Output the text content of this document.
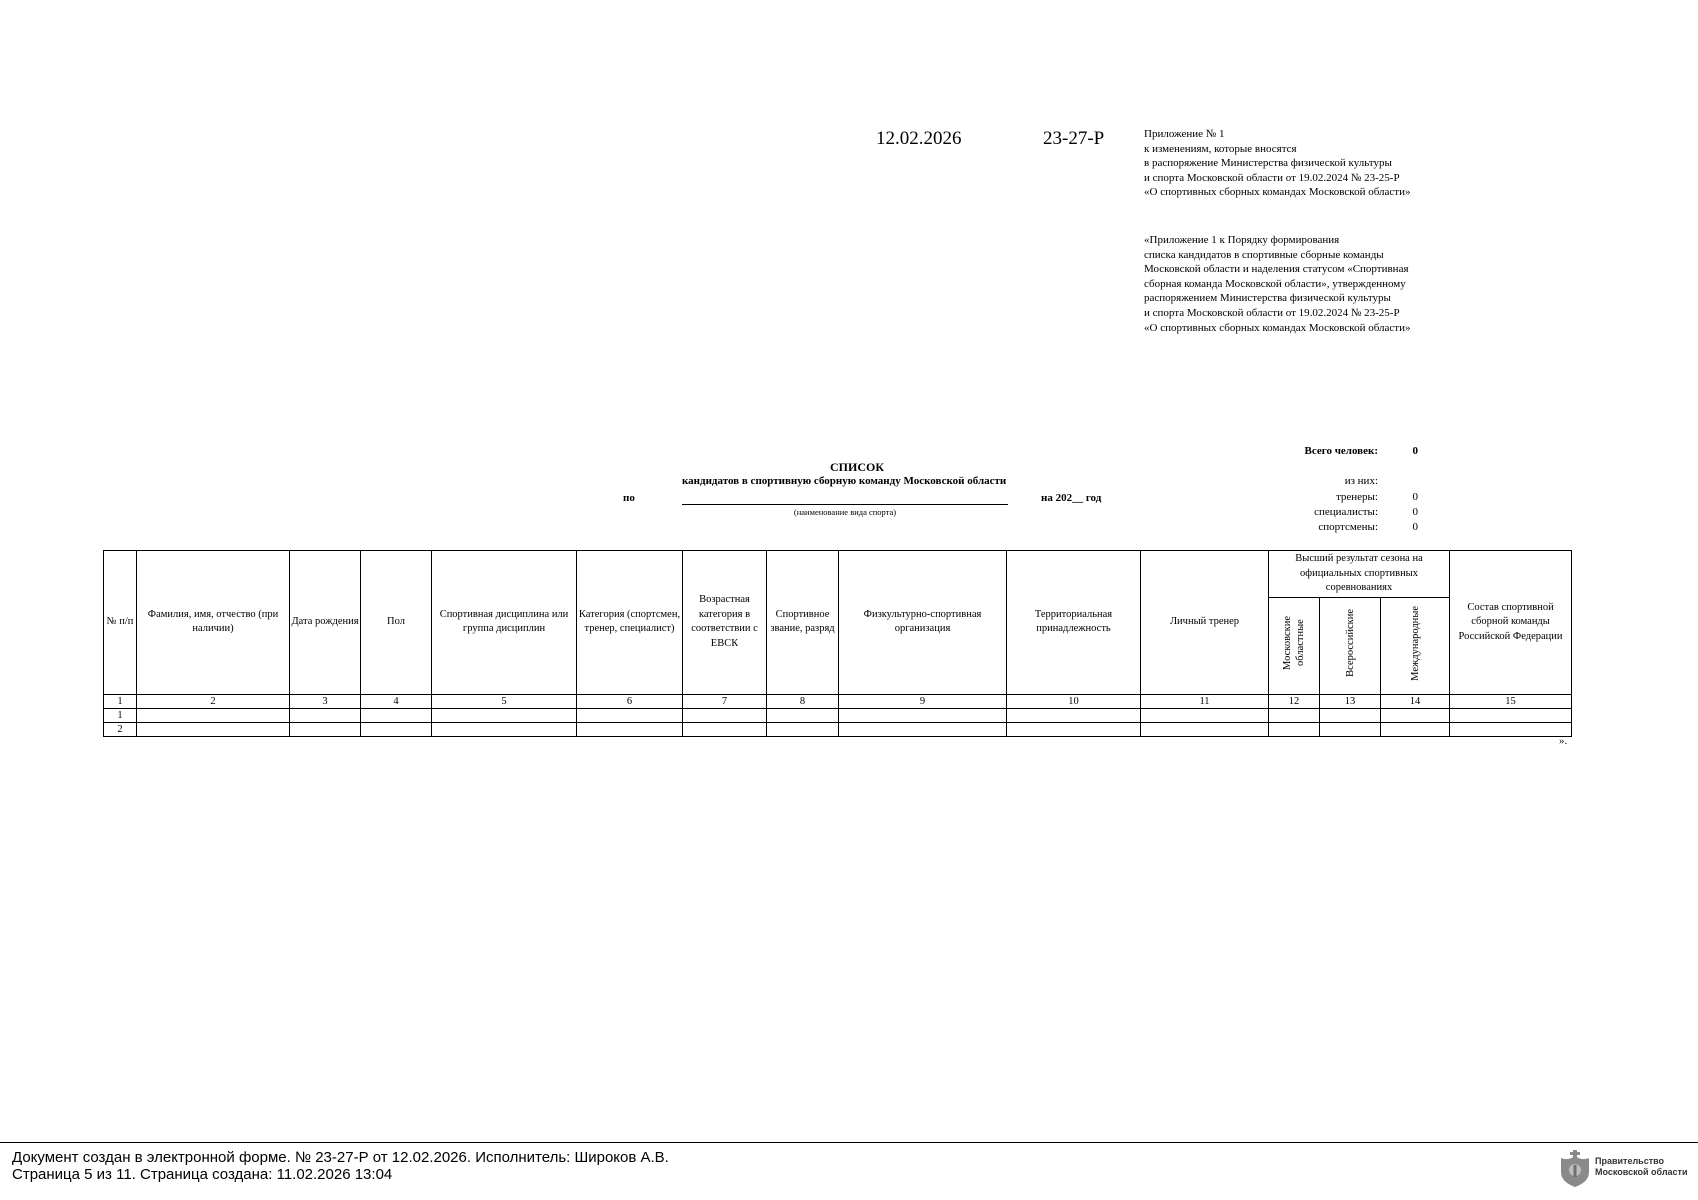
12.02.2026	23-27-Р	Приложение № 1
к изменениям, которые вносятся
в распоряжение Министерства физической культуры
и спорта Московской области от 19.02.2024 № 23-25-Р
«О спортивных сборных командах Московской области»
«Приложение 1 к Порядку формирования
списка кандидатов в спортивные сборные команды
Московской области и наделения статусом «Спортивная
сборная команда Московской области», утвержденному
распоряжением Министерства физической культуры
и спорта Московской области от 19.02.2024 № 23-25-Р
«О спортивных сборных командах Московской области»
Всего человек:	0
из них:
тренеры:	0
специалисты:	0
спортсмены:	0
СПИСОК
кандидатов в спортивную сборную команду Московской области
по
(наименование вида спорта)
на 202__ год
№ п/п	Фамилия, имя, отчество (при наличии)	Дата рождения	Пол	Спортивная дисциплина или группа дисциплин	Категория (спортсмен, тренер, специалист)	Возрастная категория в соответствии с ЕВСК	Спортивное звание, разряд	Физкультурно-спортивная организация	Территориальная принадлежность	Личный тренер	Высший результат сезона на официальных спортивных соревнованиях			Состав спортивной сборной команды Российской Федерации
											Московские областные	Всероссийские	Международные	
1	2	3	4	5	6	7	8	9	10	11	12	13	14	15
1														
2														
».
Документ создан в электронной форме. № 23-27-Р от 12.02.2026. Исполнитель: Широков А.В.
Страница 5 из 11. Страница создана: 11.02.2026 13:04
Правительство
Московской области
